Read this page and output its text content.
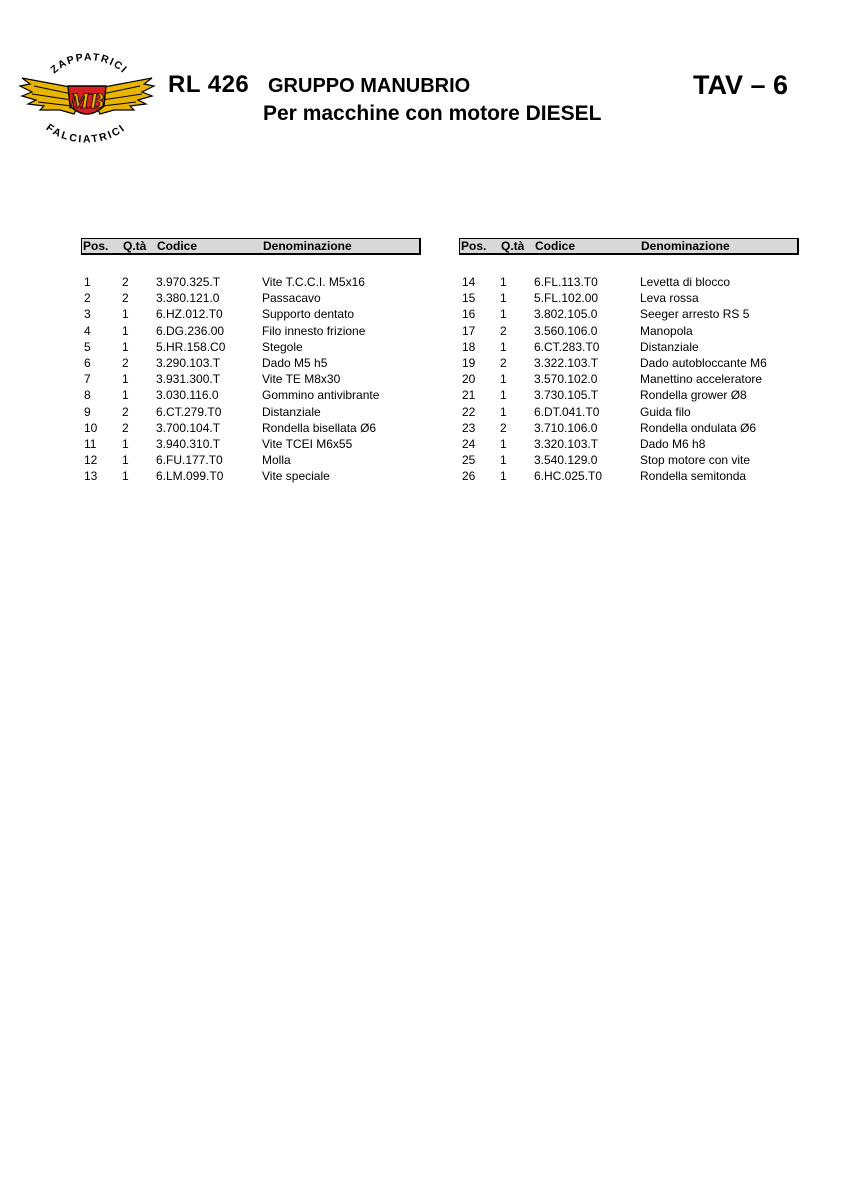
MB
ZAPPATRICI
FALCIATRICI
RL 426 GRUPPO MANUBRIO
Per macchine con motore DIESEL
TAV – 6
Pos. Q.tà Codice	Denominazione
1	2 3.970.325.T	Vite T.C.C.I. M5x16
2	2 3.380.121.0	Passacavo
3	1 6.HZ.012.T0	Supporto dentato
4	1 6.DG.236.00	Filo innesto frizione
5	1 5.HR.158.C0	Stegole
6	2 3.290.103.T	Dado M5 h5
7	1 3.931.300.T	Vite TE M8x30
8	1 3.030.116.0	Gommino antivibrante
9	2 6.CT.279.T0	Distanziale
10 2 3.700.104.T	Rondella bisellata Ø6
11 1 3.940.310.T	Vite TCEI M6x55
12 1 6.FU.177.T0	Molla
13 1 6.LM.099.T0	Vite speciale
Pos. Q.tà Codice	Denominazione
14 1 6.FL.113.T0	Levetta di blocco
15 1 5.FL.102.00	Leva rossa
16 1 3.802.105.0	Seeger arresto RS 5
17 2 3.560.106.0	Manopola
18 1 6.CT.283.T0	Distanziale
19 2 3.322.103.T	Dado autobloccante M6
20 1 3.570.102.0	Manettino acceleratore
21 1 3.730.105.T	Rondella grower Ø8
22 1 6.DT.041.T0	Guida filo
23 2 3.710.106.0	Rondella ondulata Ø6
24 1 3.320.103.T	Dado M6 h8
25 1 3.540.129.0	Stop motore con vite
26 1 6.HC.025.T0	Rondella semitonda
